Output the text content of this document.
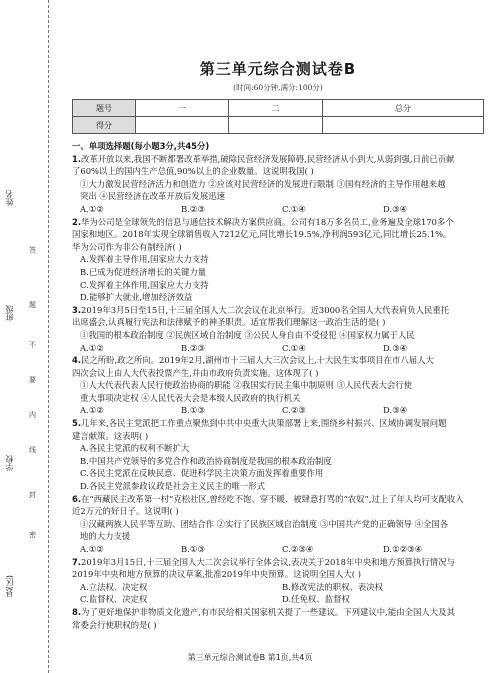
姓名
班级
学校
县(区)
答
题
不
要
内
线
封
密
第三单元综合测试卷B
(时间:60分钟,满分:100分)
题号	一	二	总分
得分			
一、单项选择题(每小题3分,共45分)
1.改革开放以来,我国不断都署改革举措,破除民营经济发展障碍,民营经济从小到大,从弱到强,日前已贡献
了60%以上的国内生产总值,90%以上的企业数量。这说明我国( )
①大力激发民营经济活力和创造力 ②应该对民营经济的发展进行限制 ③国有经济的主导作用越来越
突出 ④民营经济在改革开放后发展迅速
A.①②	B.②③	C.①④	D.③④
2.华为公司是全球领先的信息与通信技术解决方案供应商。公司有18万多名员工,业务遍及全球170多个
国家和地区。2018年实现全球销售收入7212亿元,同比增长19.5%,净利润593亿元,同比增长25.1%。
华为公司作为非公有制经济( )
A.发挥着主导作用,国家应大力支持
B.已成为促进经济增长的关键力量
C.发挥着主体作用,国家应大力支持
D.能够扩大就业,增加经济效益
3.2019年3月5日至15日,十三届全国人大二次会议在北京举行。近3000名全国人大代表肩负人民重托
出席盛会,认真履行宪法和法律赋予的神圣职责。适宜帮我们理解这一政治生活的是( )
①我国的根本政治制度 ②民族区域自治制度 ③公民人身自由不受侵犯 ④国家权力属于人民
A.①②	B.②③	C.①④	D.③④
4.民之所盼,政之所向。2019年2月,湖州市十三届人大三次会议上,十大民生实事项目在市八届人大
四次会议上由人大代表投票产生,并由市政府负责实施。这体现了( )
①人大代表代表人民行使政治协商的职能 ②我国实行民主集中制原则 ③人民代表大会行使
重大事项决定权 ④人民代表大会是本级人民政府的执行机关
A.①②	B.①③	C.②③	D.③④
5.几年来,各民主党派把工作重点聚焦到中共中央重大决策部署上来,围绕乡村振兴、区域协调发展问题
建言献策。这表明( )
A.各民主党派的权利不断扩大
B.中国共产党领导的多党合作和政治协商制度是我国的根本政治制度
C.各民主党派在反映民意、促进科学民主决策方面发挥着重要作用
D.各民主党派参政议政是社会主义民主的唯一形式
6.在“西藏民主改革第一村”克松社区,曾经吃不饱、穿不暖、被肆意打骂的“农奴”,过上了年人均可支配收入
近2万元的好日子。这说明( )
①汉藏两族人民平等互助、团结合作 ②实行了民族区域自治制度 ③中国共产党的正确领导 ④全国各
地的大力支援
A.①②	B.①③	C.②③④	D.①②③④
7.2019年3月15日,十三届全国人大二次会议举行全体会议,表决关于2018年中央和地方预算执行情况与
2019年中央和地方预算的决议草案,批准2019年中央预算。这说明全国人大( )
A.立法权、决定权	B.修改宪法的职权、表决权
C.监督权、决定权	D.任免权、监督权
8.为了更好地保护非物质文化遗产,有市民给相关国家机关提了一些建议。下列建议中,能由全国人大及其
常委会行使职权的是( )
第三单元综合测试卷B 第1页,共4页
